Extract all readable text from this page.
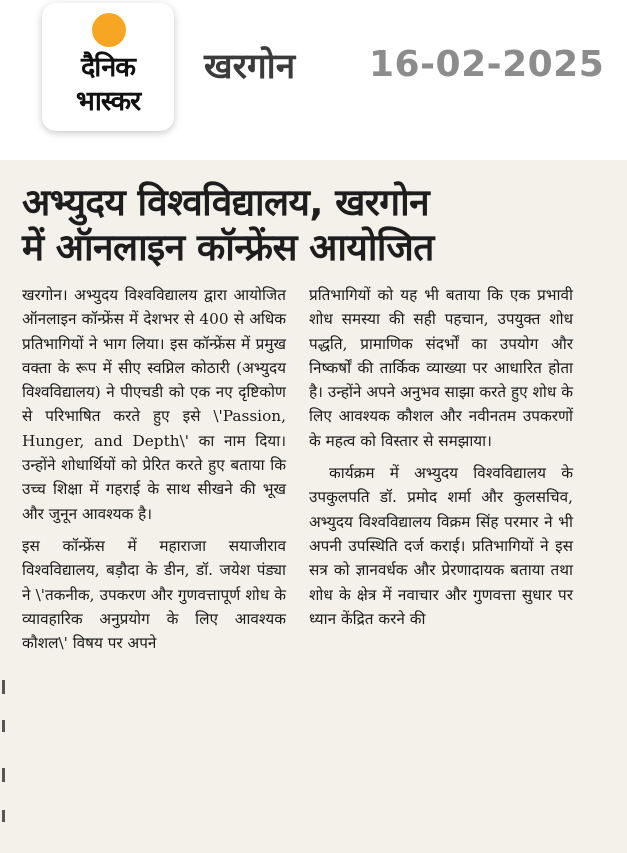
दैनिक
भास्कर
खरगोन 16-02-2025
अभ्युदय विश्वविद्यालय, खरगोन
में ऑनलाइन कॉन्फ्रेंस आयोजित

खरगोन। अभ्युदय विश्वविद्यालय द्वारा आयोजित ऑनलाइन कॉन्फ्रेंस में देशभर से 400 से अधिक प्रतिभागियों ने भाग लिया। इस कॉन्फ्रेंस में प्रमुख वक्ता के रूप में सीए स्वप्निल कोठारी (अभ्युदय विश्वविद्यालय) ने पीएचडी को एक नए दृष्टिकोण से परिभाषित करते हुए इसे \'Passion, Hunger, and Depth\' का नाम दिया। उन्होंने शोधार्थियों को प्रेरित करते हुए बताया कि उच्च शिक्षा में गहराई के साथ सीखने की भूख और जुनून आवश्यक है।

इस कॉन्फ्रेंस में महाराजा सयाजीराव विश्वविद्यालय, बड़ौदा के डीन, डॉ. जयेश पंड्या ने \'तकनीक, उपकरण और गुणवत्तापूर्ण शोध के व्यावहारिक अनुप्रयोग के लिए आवश्यक कौशल\' विषय पर अपने

प्रतिभागियों को यह भी बताया कि एक प्रभावी शोध समस्या की सही पहचान, उपयुक्त शोध पद्धति, प्रामाणिक संदर्भों का उपयोग और निष्कर्षों की तार्किक व्याख्या पर आधारित होता है। उन्होंने अपने अनुभव साझा करते हुए शोध के लिए आवश्यक कौशल और नवीनतम उपकरणों के महत्व को विस्तार से समझाया।

कार्यक्रम में अभ्युदय विश्वविद्यालय के उपकुलपति डॉ. प्रमोद शर्मा और कुलसचिव, अभ्युदय विश्वविद्यालय विक्रम सिंह परमार ने भी अपनी उपस्थिति दर्ज कराई। प्रतिभागियों ने इस सत्र को ज्ञानवर्धक और प्रेरणादायक बताया तथा शोध के क्षेत्र में नवाचार और गुणवत्ता सुधार पर ध्यान केंद्रित करने की
